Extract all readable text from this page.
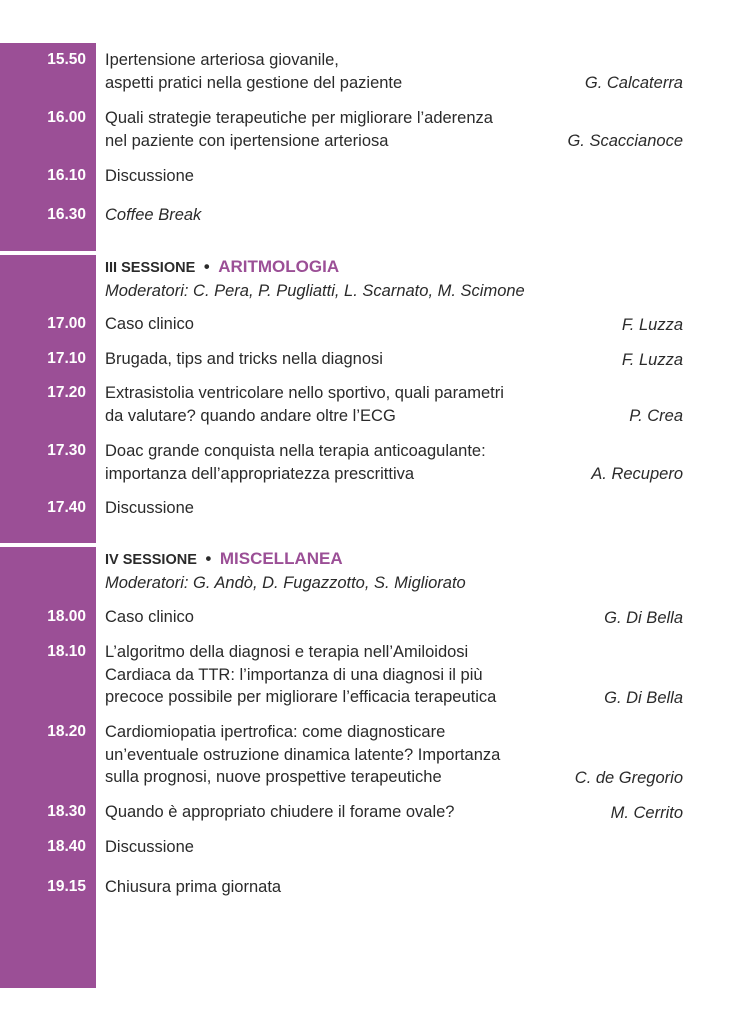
15.50 Ipertensione arteriosa giovanile,
aspetti pratici nella gestione del paziente	G. Calcaterra
16.00 Quali strategie terapeutiche per migliorare l’aderenza
nel paziente con ipertensione arteriosa	G. Scaccianoce
16.10 Discussione
16.30 Coffee Break
III SESSIONE • ARITMOLOGIA
Moderatori: C. Pera, P. Pugliatti, L. Scarnato, M. Scimone
17.00 Caso clinico	F. Luzza
17.10 Brugada, tips and tricks nella diagnosi	F. Luzza
17.20 Extrasistolia ventricolare nello sportivo, quali parametri
da valutare? quando andare oltre l’ECG	P. Crea
17.30 Doac grande conquista nella terapia anticoagulante:
importanza dell’appropriatezza prescrittiva	A. Recupero
17.40 Discussione
IV SESSIONE • MISCELLANEA
Moderatori: G. Andò, D. Fugazzotto, S. Migliorato
18.00 Caso clinico	G. Di Bella
18.10 L’algoritmo della diagnosi e terapia nell’Amiloidosi
Cardiaca da TTR: l’importanza di una diagnosi il più
precoce possibile per migliorare l’efficacia terapeutica	G. Di Bella
18.20 Cardiomiopatia ipertrofica: come diagnosticare
un’eventuale ostruzione dinamica latente? Importanza
sulla prognosi, nuove prospettive terapeutiche	C. de Gregorio
18.30 Quando è appropriato chiudere il forame ovale?	M. Cerrito
18.40 Discussione
19.15 Chiusura prima giornata
